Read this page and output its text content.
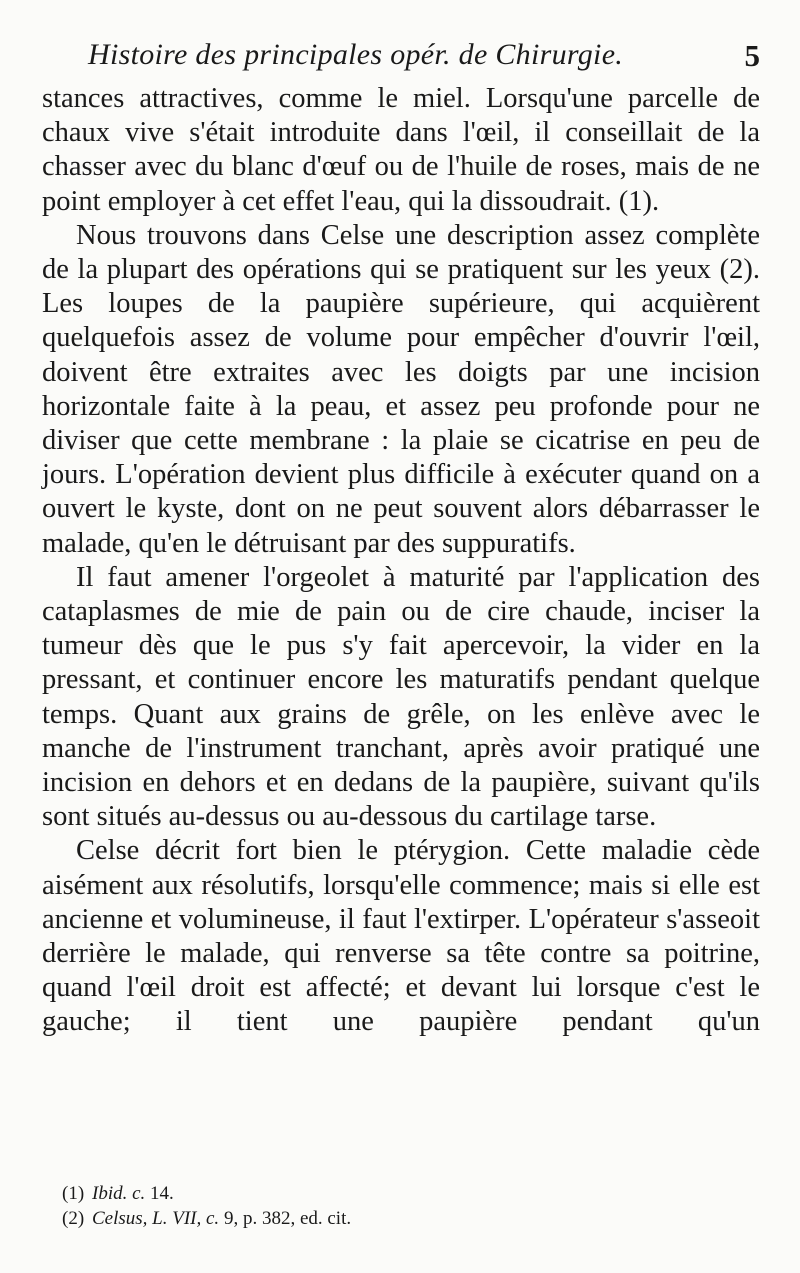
Histoire des principales opér. de Chirurgie.	5

stances attractives, comme le miel. Lorsqu'une parcelle de chaux vive s'était introduite dans l'œil, il conseillait de la chasser avec du blanc d'œuf ou de l'huile de roses, mais de ne point employer à cet effet l'eau, qui la dissoudrait. (1).

Nous trouvons dans Celse une description assez complète de la plupart des opérations qui se pratiquent sur les yeux (2). Les loupes de la paupière supérieure, qui acquièrent quelquefois assez de volume pour empêcher d'ouvrir l'œil, doivent être extraites avec les doigts par une incision horizontale faite à la peau, et assez peu profonde pour ne diviser que cette membrane : la plaie se cicatrise en peu de jours. L'opération devient plus difficile à exécuter quand on a ouvert le kyste, dont on ne peut souvent alors débarrasser le malade, qu'en le détruisant par des suppuratifs.

Il faut amener l'orgeolet à maturité par l'application des cataplasmes de mie de pain ou de cire chaude, inciser la tumeur dès que le pus s'y fait apercevoir, la vider en la pressant, et continuer encore les maturatifs pendant quelque temps. Quant aux grains de grêle, on les enlève avec le manche de l'instrument tranchant, après avoir pratiqué une incision en dehors et en dedans de la paupière, suivant qu'ils sont situés au-dessus ou au-dessous du cartilage tarse.

Celse décrit fort bien le ptérygion. Cette maladie cède aisément aux résolutifs, lorsqu'elle commence; mais si elle est ancienne et volumineuse, il faut l'extirper. L'opérateur s'asseoit derrière le malade, qui renverse sa tête contre sa poitrine, quand l'œil droit est affecté; et devant lui lorsque c'est le gauche; il tient une paupière pendant qu'un

(1) Ibid. c. 14.
(2) Celsus, L. VII, c. 9, p. 382, ed. cit.
